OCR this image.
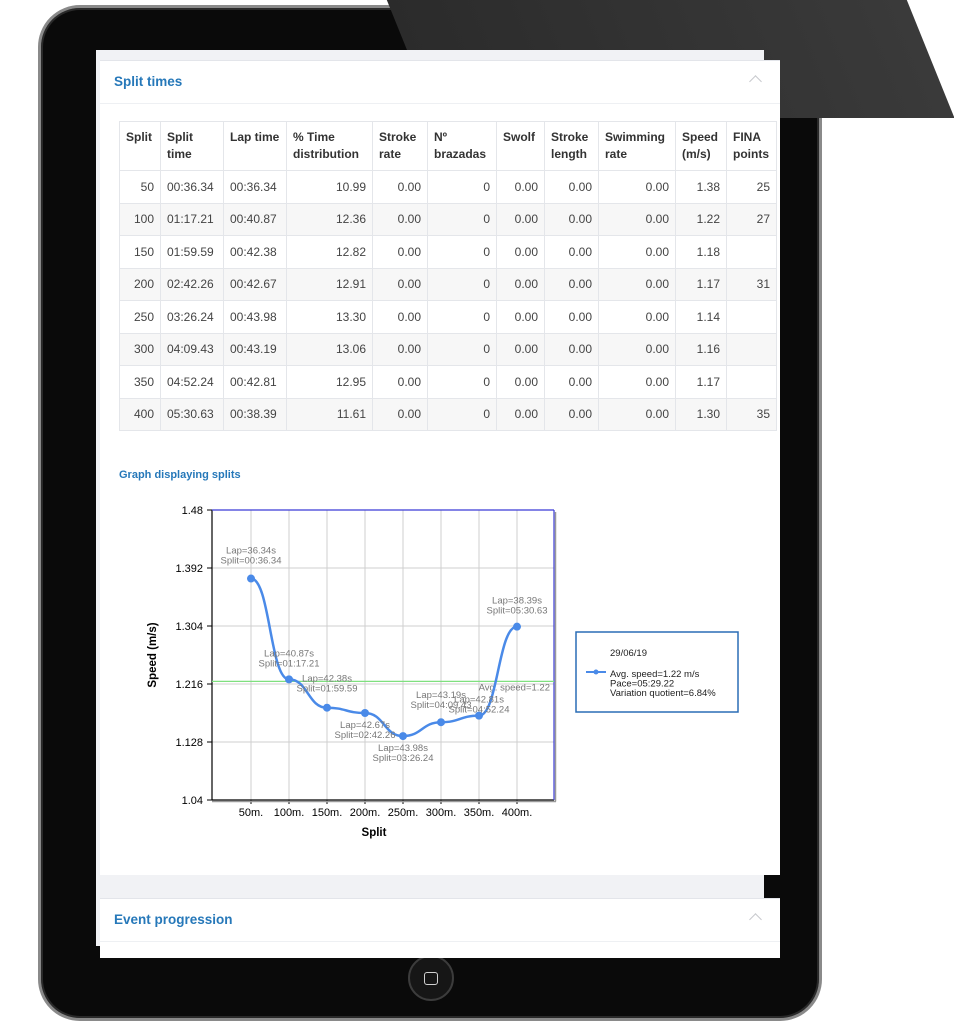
Split times
Split	Split time	Lap time	% Time distribution	Stroke rate	Nº brazadas	Swolf	Stroke length	Swimming rate	Speed (m/s)	FINA points
50	00:36.34	00:36.34	10.99	0.00	0	0.00	0.00	0.00	1.38	25
100	01:17.21	00:40.87	12.36	0.00	0	0.00	0.00	0.00	1.22	27
150	01:59.59	00:42.38	12.82	0.00	0	0.00	0.00	0.00	1.18	
200	02:42.26	00:42.67	12.91	0.00	0	0.00	0.00	0.00	1.17	31
250	03:26.24	00:43.98	13.30	0.00	0	0.00	0.00	0.00	1.14	
300	04:09.43	00:43.19	13.06	0.00	0	0.00	0.00	0.00	1.16	
350	04:52.24	00:42.81	12.95	0.00	0	0.00	0.00	0.00	1.17	
400	05:30.63	00:38.39	11.61	0.00	0	0.00	0.00	0.00	1.30	35
Graph displaying splits
Event progression
1.48
1.392
1.304
1.216
1.128
1.04
50m. 100m. 150m. 200m. 250m. 300m. 350m. 400m.
Avg. speed=1.22
Lap=36.34s
Split=00:36.34
Lap=40.87s
Split=01:17.21
Lap=42.38s
Split=01:59.59
Lap=42.67s
Split=02:42.26
Lap=43.98s
Split=03:26.24
Lap=43.19s
Split=04:09.43
Lap=42.81s
Split=04:52.24
Lap=38.39s
Split=05:30.63
Speed (m/s)
Split
29/06/19
Avg. speed=1.22 m/s
Pace=05:29.22
Variation quotient=6.84%
